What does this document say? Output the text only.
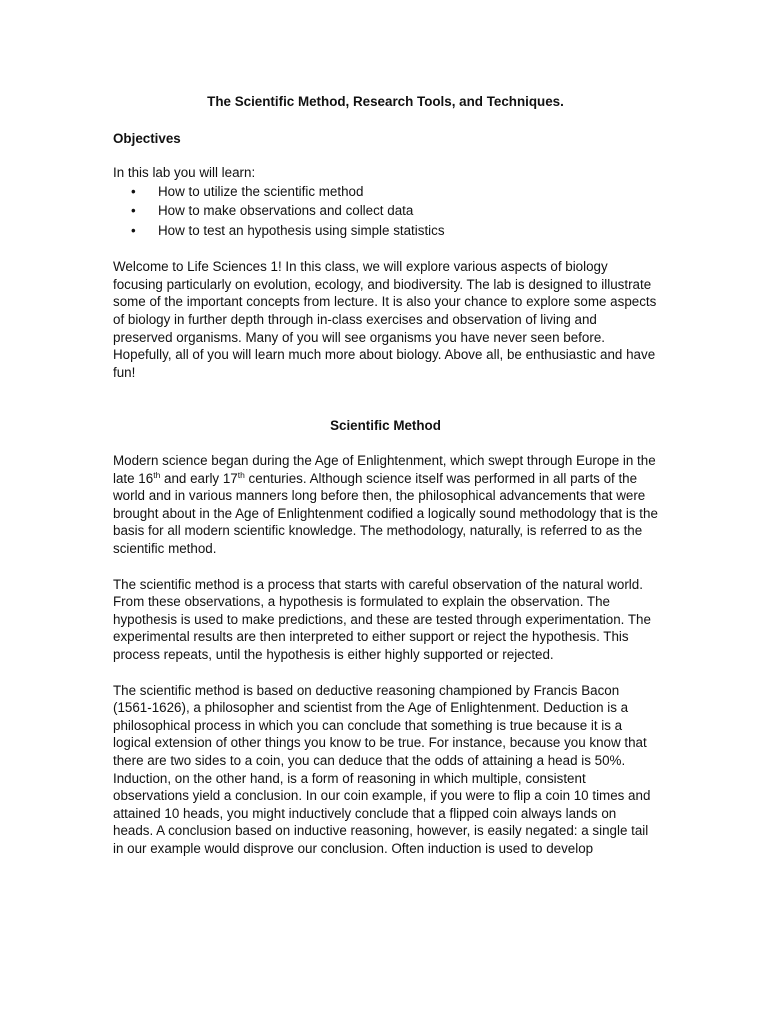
The Scientific Method, Research Tools, and Techniques.

Objectives

In this lab you will learn:

• How to utilize the scientific method
• How to make observations and collect data
• How to test an hypothesis using simple statistics

Welcome to Life Sciences 1! In this class, we will explore various aspects of biology focusing particularly on evolution, ecology, and biodiversity. The lab is designed to illustrate some of the important concepts from lecture. It is also your chance to explore some aspects of biology in further depth through in-class exercises and observation of living and preserved organisms. Many of you will see organisms you have never seen before. Hopefully, all of you will learn much more about biology. Above all, be enthusiastic and have fun!

Scientific Method

Modern science began during the Age of Enlightenment, which swept through Europe in the late 16th and early 17th centuries. Although science itself was performed in all parts of the world and in various manners long before then, the philosophical advancements that were brought about in the Age of Enlightenment codified a logically sound methodology that is the basis for all modern scientific knowledge. The methodology, naturally, is referred to as the scientific method.

The scientific method is a process that starts with careful observation of the natural world. From these observations, a hypothesis is formulated to explain the observation. The hypothesis is used to make predictions, and these are tested through experimentation. The experimental results are then interpreted to either support or reject the hypothesis. This process repeats, until the hypothesis is either highly supported or rejected.

The scientific method is based on deductive reasoning championed by Francis Bacon (1561-1626), a philosopher and scientist from the Age of Enlightenment. Deduction is a philosophical process in which you can conclude that something is true because it is a logical extension of other things you know to be true. For instance, because you know that there are two sides to a coin, you can deduce that the odds of attaining a head is 50%. Induction, on the other hand, is a form of reasoning in which multiple, consistent observations yield a conclusion. In our coin example, if you were to flip a coin 10 times and attained 10 heads, you might inductively conclude that a flipped coin always lands on heads. A conclusion based on inductive reasoning, however, is easily negated: a single tail in our example would disprove our conclusion. Often induction is used to develop
